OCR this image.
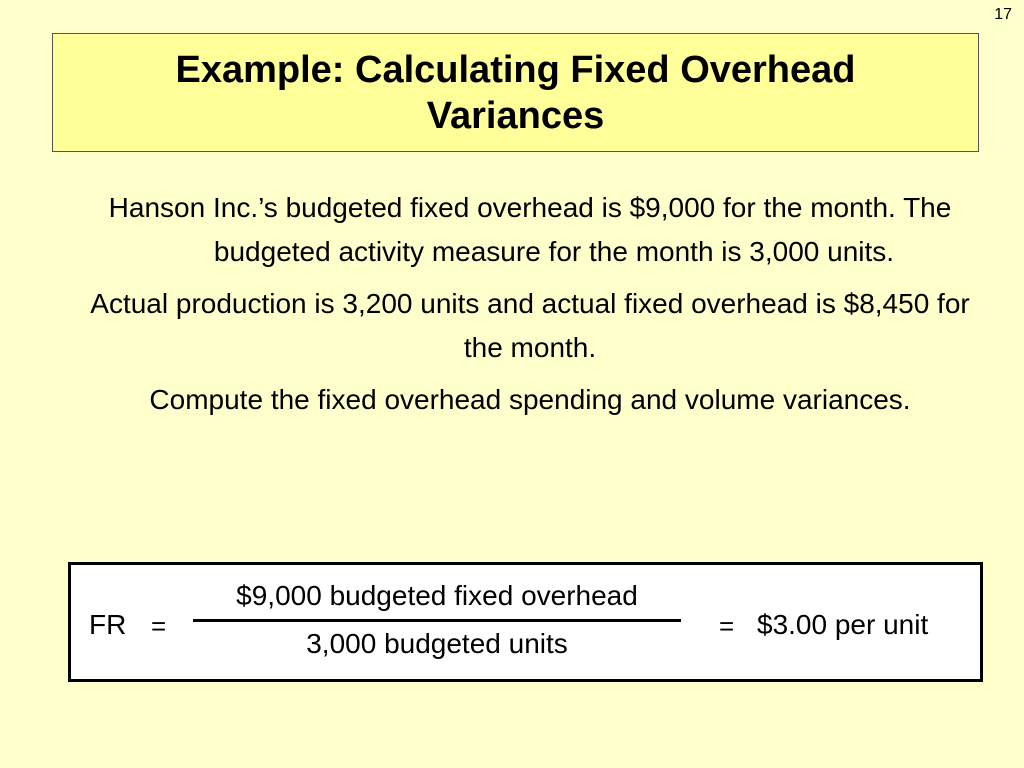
17
Example: Calculating Fixed Overhead Variances

Hanson Inc.’s budgeted fixed overhead is $9,000 for the month. The budgeted activity measure for the month is 3,000 units.

Actual production is 3,200 units and actual fixed overhead is $8,450 for the month.

Compute the fixed overhead spending and volume variances.

FR =
$9,000 budgeted fixed overhead
3,000 budgeted units
= $3.00 per unit
